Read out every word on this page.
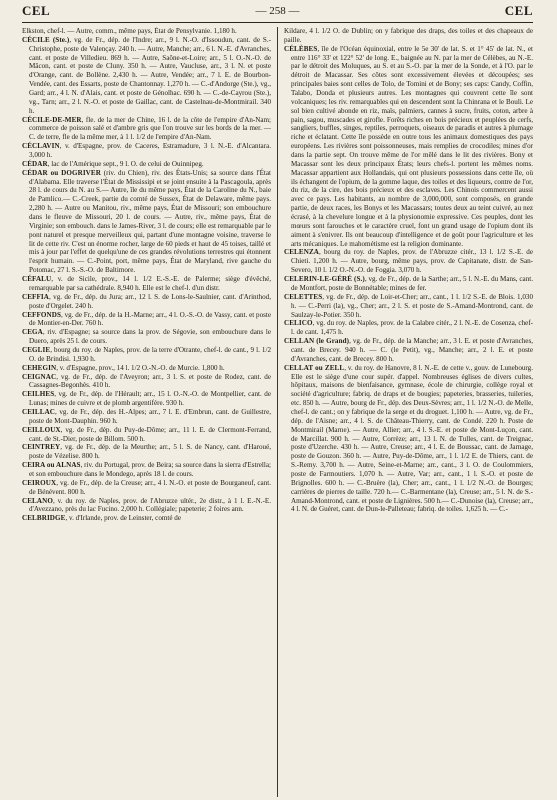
CEL	— 258 —	CEL

Elkston, chef-l. — Autre, comm., même pays, État de Pensylvanie. 1,180 h.

CÉCILE (Ste.), vg. de Fr., dép. de l'Indre; arr., 9 l. N.-O. d'Issoudun, cant. de S.-Christophe, poste de Valençay. 240 h. — Autre, Manche; arr., 6 l. N.-E. d'Avranches, cant. et poste de Villedieu. 869 h. — Autre, Saône-et-Loire; arr., 5 l. O.-N.-O. de Mâcon, cant. et poste de Cluny. 350 h. — Autre, Vaucluse, arr., 3 l. N. et poste d'Orange, cant. de Bollène. 2,430 h. — Autre, Vendée; arr., 7 l. E. de Bourbon-Vendée, cant. des Essarts, poste de Chantonnay. 1,270 h. — C.-d'Andorge (Ste.), vg., Gard; arr., 4 l. N. d'Alais, cant. et poste de Génolhac. 690 h. — C.-de-Cayrou (Ste.), vg., Tarn; arr., 2 l. N.-O. et poste de Gaillac, cant. de Castelnau-de-Montmirail. 340 h.

CÉCILE-DE-MER, fle. de la mer de Chine, 16 l. de la côte de l'empire d'An-Nam; commerce de poisson salé et d'ambre gris que l'on trouve sur les bords de la mer. — C. de terre, fle de la même mer, à 1 l. 1/2 de l'empire d'An-Nam.

CÉCLAVIN, v. d'Espagne, prov. de Caceres, Estramadure, 3 l. N.-E. d'Alcantara. 3,000 h.

CÉDAR, lac de l'Amérique sept., 9 l. O. de celui de Ouinnipeg.

CÉDAR ou DOGRIVER (riv. du Chien), riv. des États-Unis; sa source dans l'État d'Alabama. Elle traverse l'État de Mississipi et se joint ensuite à la Pascagoula, après 28 l. de cours du N. au S.— Autre, île du même pays, État de la Caroline du N., baie de Pamlico.— C.-Creek, partie du comté de Sussex, État de Delaware, même pays. 2,280 h. — Autre ou Manitou, riv., même pays, État de Missouri; son embouchure dans le fleuve de Missouri, 20 l. de cours. — Autre, riv., même pays, État de Virginie; son embouch. dans le James-River, 3 l. de cours; elle est remarquable par le pont naturel et presque merveilleux qui, partant d'une montagne voisine, traverse le lit de cette riv. C'est un énorme rocher, large de 60 pieds et haut de 45 toises, taillé et mis à jour par l'effet de quelqu'une de ces grandes révolutions terrestres qui étonnent l'esprit humain. — C.-Point, port, même pays, État de Maryland, rive gauche du Potomac, 27 l. S.-S.-O. de Baltimore.

CÉFALU, v. de Sicile, prov., 14 l. 1/2 E.-S.-E. de Palerme; siège d'évêché, remarquable par sa cathédrale. 8,940 h. Elle est le chef-l. d'un distr.

CEFFIA, vg. de Fr., dép. du Jura; arr., 12 l. S. de Lons-le-Saulnier, cant. d'Arinthod, poste d'Orgelet. 240 h.

CEFFONDS, vg. de Fr., dép. de la H.-Marne; arr., 4 l. O.-S.-O. de Vassy, cant. et poste de Montier-en-Der. 760 h.

CEGA, riv. d'Espagne; sa source dans la prov. de Ségovie, son embouchure dans le Duero, après 25 l. de cours.

CEGLIE, bourg du roy. de Naples, prov. de la terre d'Otrante, chef-l. de cant., 9 l. 1/2 O. de Brindisi. 1,930 h.

CEHEGIN, v. d'Espagne, prov., 14 l. 1/2 O.-N.-O. de Murcie. 1,800 h.

CEIGNAC, vg. de Fr., dép. de l'Aveyron; arr., 3 l. S. et poste de Rodez, cant. de Cassagnes-Begonhès. 410 h.

CEILHES, vg. de Fr., dép. de l'Hérault; arr., 15 l. O.-N.-O. de Montpellier, cant. de Lunas; mines de cuivre et de plomb argentifère. 930 h.

CEILLAC, vg. de Fr., dép. des H.-Alpes; arr., 7 l. E. d'Embrun, cant. de Guillestre, poste de Mont-Dauphin. 960 h.

CEILLOUX, vg. de Fr., dép. du Puy-de-Dôme; arr., 11 l. E. de Clermont-Ferrand, cant. de St.-Dier, poste de Billom. 500 h.

CEINTREY, vg. de Fr., dép. de la Meurthe; arr., 5 l. S. de Nancy, cant. d'Haroué, poste de Vézelise. 800 h.

CEIRA ou ALNAS, riv. du Portugal, prov. de Beira; sa source dans la sierra d'Estrella; et son embouchure dans le Mondego, après 18 l. de cours.

CEIROUX, vg. de Fr., dép. de la Creuse; arr., 4 l. N.-O. et poste de Bourganeuf, cant. de Bénévent. 800 h.

CELANO, v. du roy. de Naples, prov. de l'Abruzze ultér., 2e distr., à 1 l. E.-N.-E. d'Avezzano, près du lac Fucino. 2,000 h. Collégiale; papeterie; 2 foires ann.

CELBRIDGE, v. d'Irlande, prov. de Leinster, comté de

Kildare, 4 l. 1/2 O. de Dublin; on y fabrique des draps, des toiles et des chapeaux de paille.

CÉLÈBES, île de l'Océan équinoxial, entre le 5e 30' de lat. S. et 1° 45' de lat. N., et entre 116° 33' et 122° 52' de long. E., baignée au N. par la mer de Célèbes, au N.-E. par le détroit des Moluques, au S. et au S.-O. par la mer de la Sonde, et à l'O. par le détroit de Macassar. Ses côtes sont excessivement élevées et découpées; ses principales baies sont celles de Tolo, de Tomini et de Bony; ses caps: Candy, Coffin, Talabo, Donda et plusieurs autres. Les montagnes qui couvrent cette île sont volcaniques; les riv. remarquables qui en descendent sont la Chinrana et le Bouli. Le sol bien cultivé abonde en riz, maïs, palmiers, cannes à sucre, fruits, coton, arbre à pain, sagou, muscades et girofle. Forêts riches en bois précieux et peuplées de cerfs, sangliers, buffles, singes, reptiles, perroquets, oiseaux de paradis et autres à plumage riche et éclatant. Cette île possède en outre tous les animaux domestiques des pays européens. Les rivières sont poissonneuses, mais remplies de crocodiles; mines d'or dans la partie sept. On trouve même de l'or mêlé dans le lit des rivières. Bony et Macassar sont les deux principaux États; leurs chefs-l. portent les mêmes noms. Macassar appartient aux Hollandais, qui ont plusieurs possessions dans cette île, où ils échangent de l'opium, de la gomme laque, des toiles et des liqueurs, contre de l'or, du riz, de la cire, des bois précieux et des esclaves. Les Chinois commercent aussi avec ce pays. Les habitants, au nombre de 3,000,000, sont composés, en grande partie, de deux races, les Bonys et les Macassars; toutes deux au teint cuivré, au nez écrasé, à la chevelure longue et à la physionomie expressive. Ces peuples, dont les mœurs sont farouches et le caractère cruel, font un grand usage de l'opium dont ils aiment à s'enivrer. Ils ont beaucoup d'intelligence et de goût pour l'agriculture et les arts mécaniques. Le mahométisme est la religion dominante.

CELENZA, bourg du roy. de Naples, prov. de l'Abruzze citér., 13 l. 1/2 S.-E. de Chieti. 1,200 h. — Autre, bourg, même pays, prov. de Capitanate, distr. de San-Severo, 10 l. 1/2 O.-N.-O. de Foggia. 3,070 h.

CELERIN-LE-GÉRÉ (S.), vg. de Fr., dép. de la Sarthe; arr., 5 l. N.-E. du Mans, cant. de Montfort, poste de Bonnétable; mines de fer.

CELETTES, vg. de Fr., dép. de Loir-et-Cher; arr., cant., 1 l. 1/2 S.-E. de Blois. 1,030 h. — C.-Perri (la), vg., Cher; arr., 2 l. S. et poste de S.-Amand-Montrond, cant. de Saulzay-le-Potier. 350 h.

CELICO, vg. du roy. de Naples, prov. de la Calabre citér., 2 l. N.-E. de Cosenza, chef-l. de cant. 1,475 h.

CELLAN (le Grand), vg. de Fr., dép. de la Manche; arr., 3 l. E. et poste d'Avranches, cant. de Brecey. 940 h. — C. (le Petit), vg., Manche; arr., 2 l. E. et poste d'Avranches, cant. de Brecey. 800 h.

CELLAT ou ZELL, v. du roy. de Hanovre, 8 l. N.-E. de cette v., gouv. de Lunebourg. Elle est le siège d'une cour supér. d'appel. Nombreuses églises de divers cultes, hôpitaux, maisons de bienfaisance, gymnase, école de chirurgie, collège royal et société d'agriculture; fabriq. de draps et de bougies; papeteries, brasseries, tuileries, etc. 850 h. — Autre, bourg de Fr., dép. des Deux-Sèvres; arr., 1 l. 1/2 N.-O. de Melle, chef-l. de cant.; on y fabrique de la serge et du droguet. 1,100 h. — Autre, vg. de Fr., dép. de l'Aisne; arr., 4 l. S. de Château-Thierry, cant. de Condé. 220 h. Poste de Montmirail (Marne). — Autre, Allier; arr., 4 l. S.-E. et poste de Mont-Luçon, cant. de Marcillat. 900 h. — Autre, Corrèze; arr., 13 l. N. de Tulles, cant. de Treignac, poste d'Uzerche. 430 h. — Autre, Creuse; arr., 4 l. E. de Boussac, cant. de Jarnage, poste de Gouzon. 360 h. — Autre, Puy-de-Dôme, arr., 1 l. 1/2 E. de Thiers, cant. de S.-Remy. 3,700 h. — Autre, Seine-et-Marne; arr., cant., 3 l. O. de Coulommiers, poste de Farmoutiers. 1,070 h. — Autre, Var; arr., cant., 1 l. S.-O. et poste de Brignolles. 600 h. — C.-Bruère (la), Cher; arr., cant., 1 l. 1/2 N.-O. de Bourges; carrières de pierres de taille. 720 h.— C.-Barmentane (la), Creuse; arr., 5 l. N. de S.-Amand-Montrond, cant. et poste de Lignières. 500 h.— C.-Dunoise (la), Creuse; arr., 4 l. N. de Guéret, cant. de Dun-le-Palleteau; fabriq. de toiles. 1,625 h. — C.-
